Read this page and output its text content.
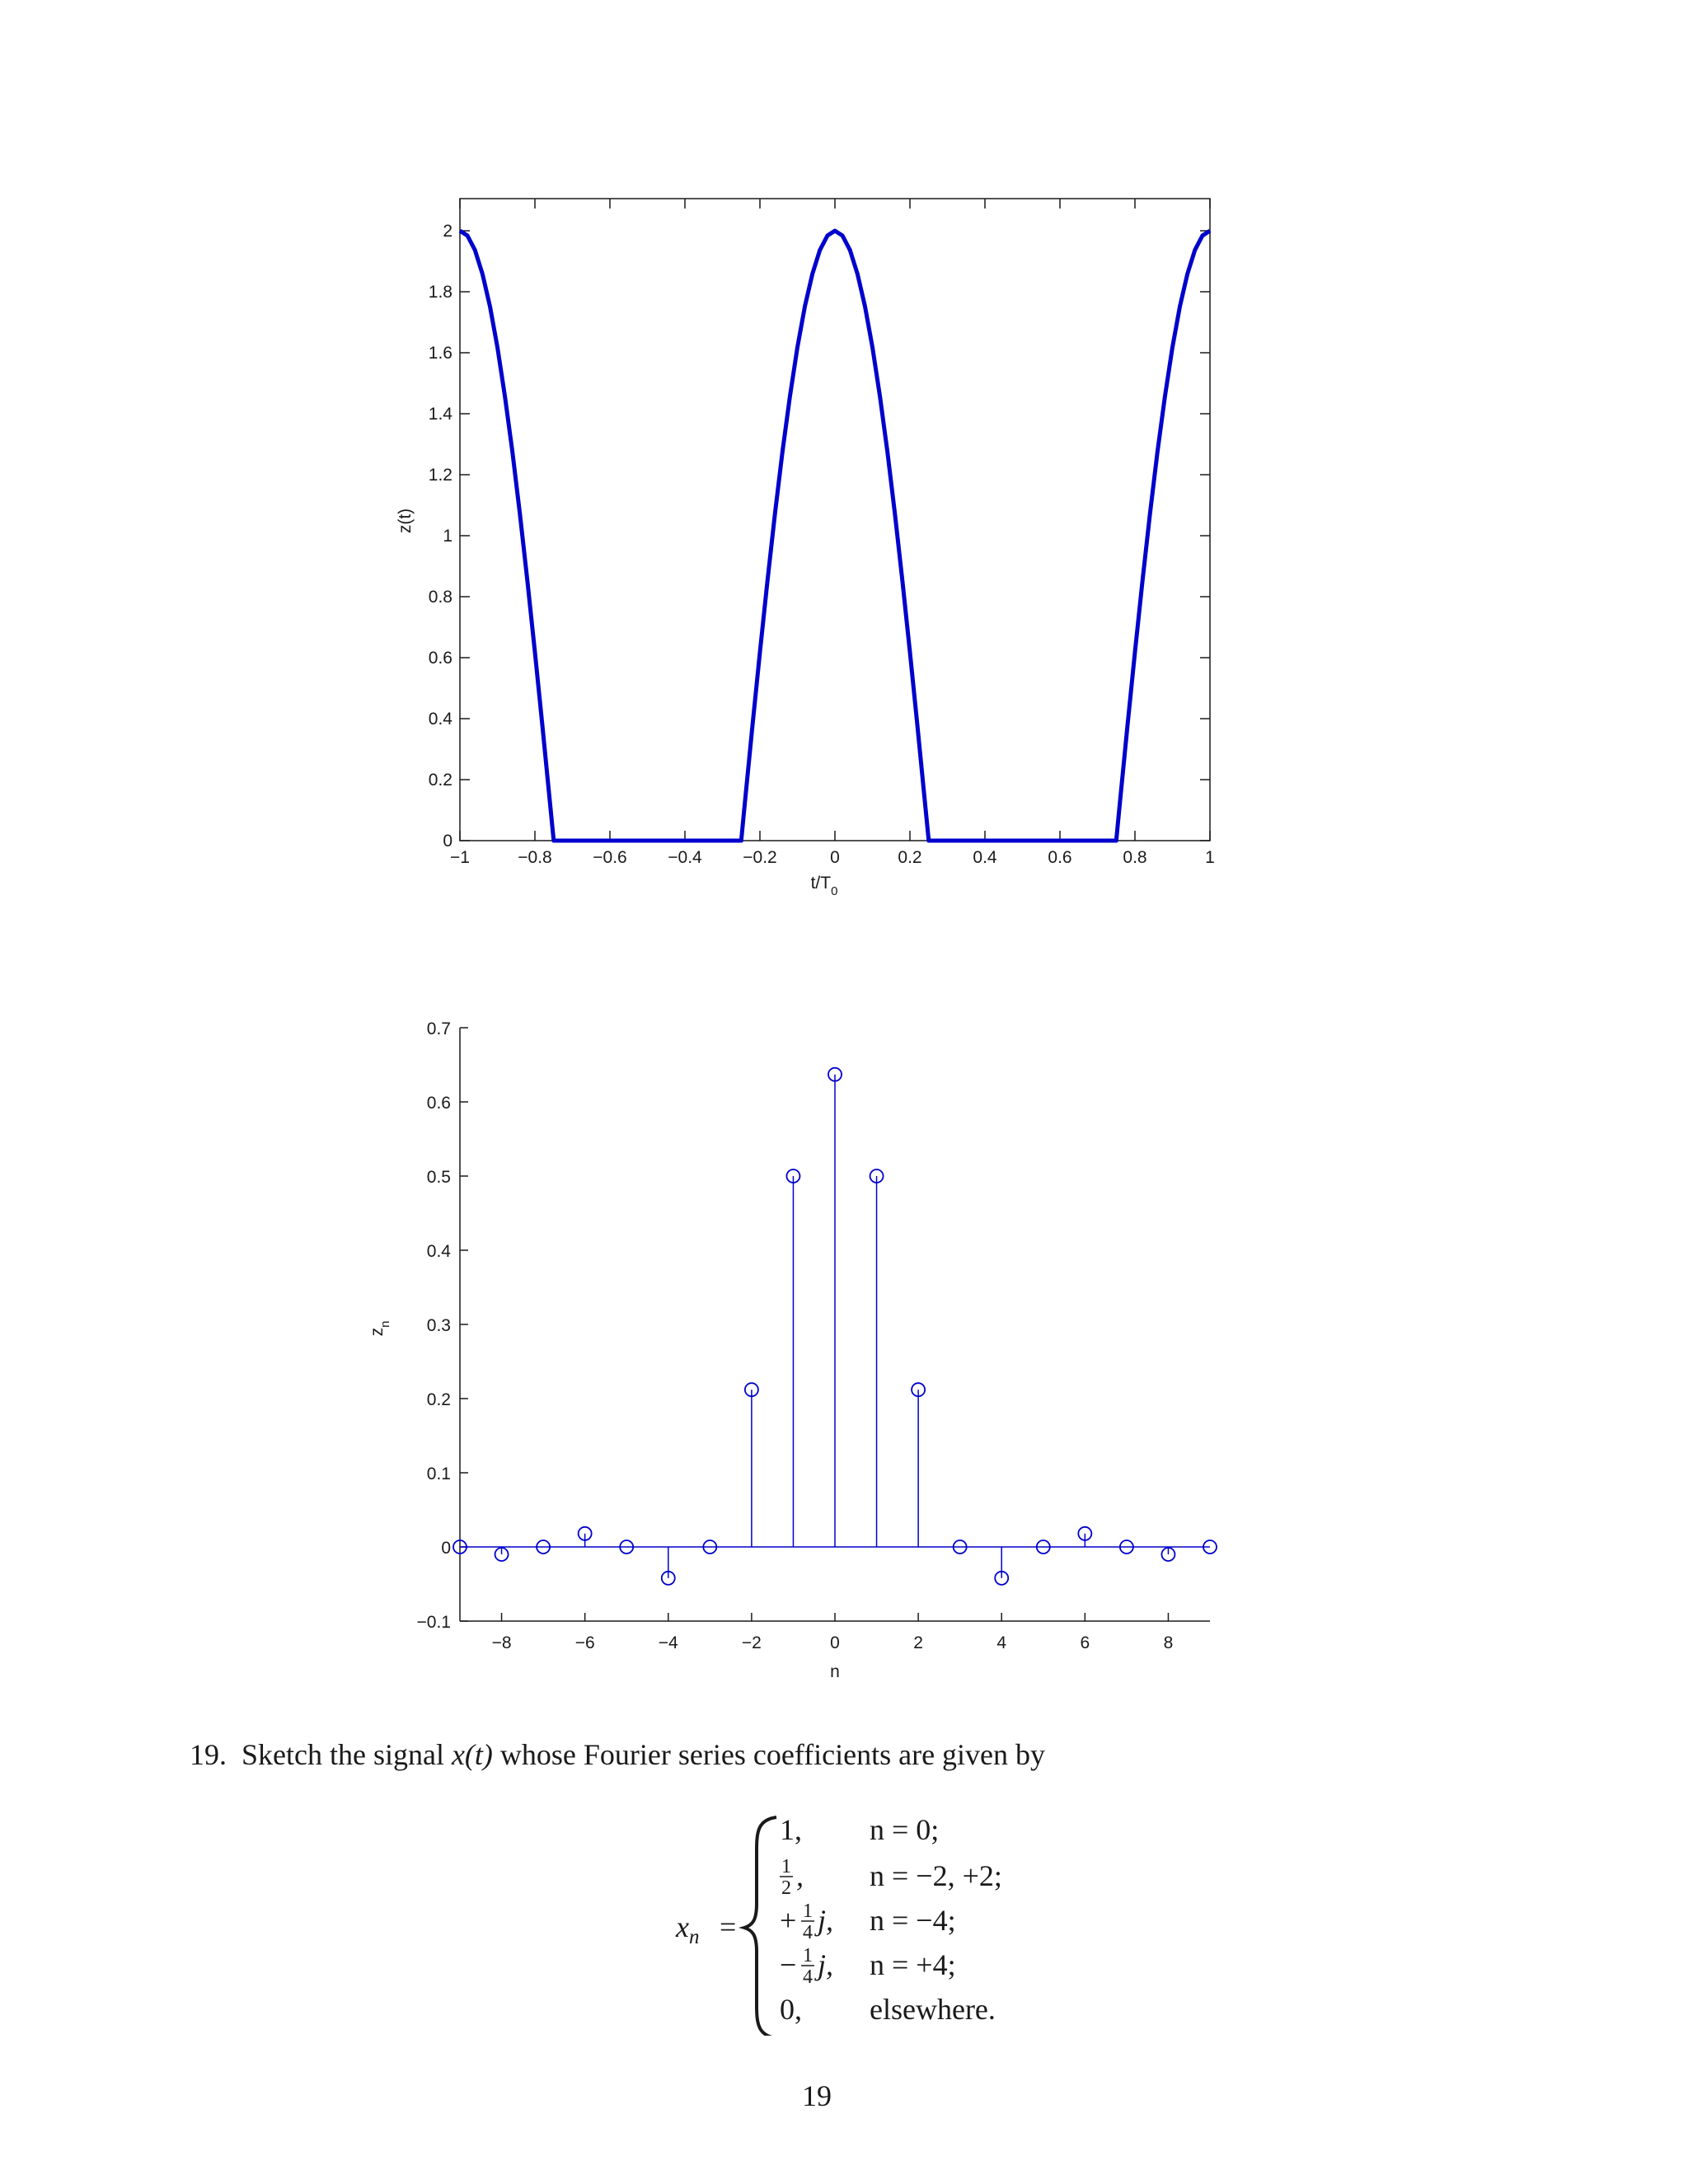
−1	−0.8 −0.6 −0.4 −0.2	0	0.2	0.4	0.6	0.8	1
0
0.2
0.4
0.6
0.8
1
1.2
1.4
1.6
1.8
2
$t/T_0$
z(t)
−8	−6	−4	−2	0	2	4	6	8
−0.1
0
0.1
0.2
0.3
0.4
0.5
0.6
0.7
n
$z_n$
19. Sketch the signal x(t) whose Fourier series coefficients are given by
$x_n$ =
1, n = 0;
1
2 , n = −2, +2;
+ 1
4 j, n = −4;
− 1
4 j, n = +4;
0, elsewhere.
19
